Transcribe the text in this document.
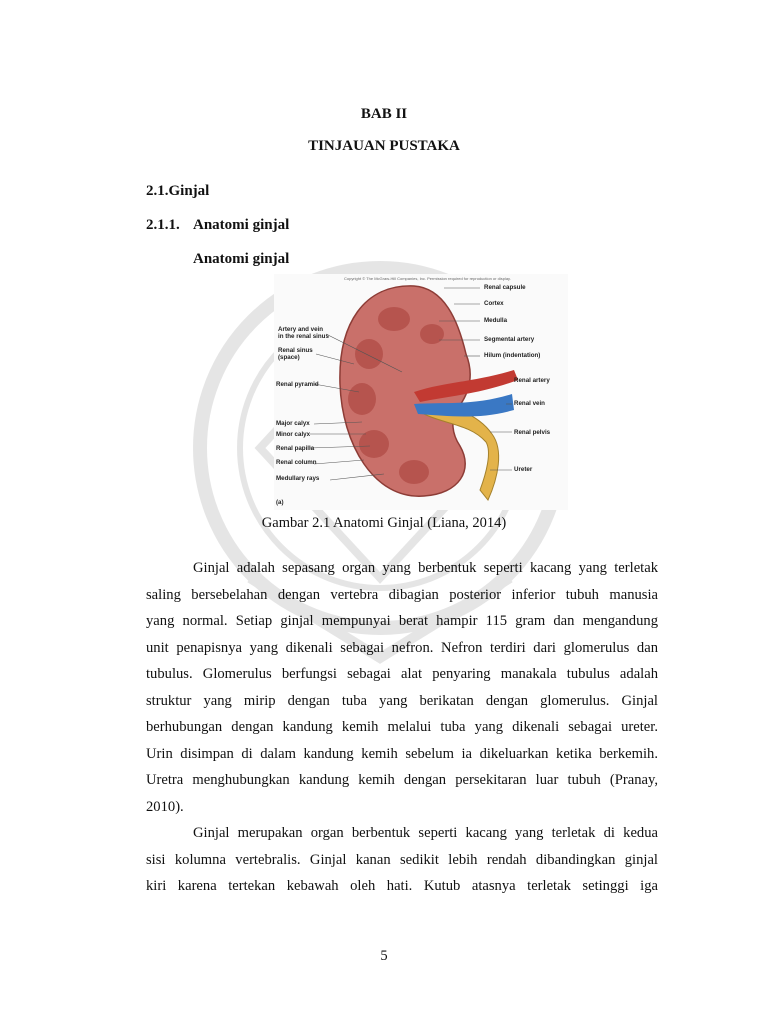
BAB II
TINJAUAN PUSTAKA
2.1.Ginjal
2.1.1. Anatomi ginjal
Anatomi ginjal
Copyright © The McGraw-Hill Companies, Inc. Permission required for reproduction or display.
Renal capsule
Cortex
Medulla
Segmental artery
Hilum (indentation)
Renal artery
Renal vein
Renal pelvis
Ureter
Artery and vein
in the renal sinus
Renal sinus
(space)
Renal pyramid
Major calyx
Minor calyx
Renal papilla
Renal column
Medullary rays
(a)
Gambar 2.1 Anatomi Ginjal (Liana, 2014)
Ginjal adalah sepasang organ yang berbentuk seperti kacang yang terletak
saling bersebelahan dengan vertebra dibagian posterior inferior tubuh manusia
yang normal. Setiap ginjal mempunyai berat hampir 115 gram dan mengandung
unit penapisnya yang dikenali sebagai nefron. Nefron terdiri dari glomerulus dan
tubulus. Glomerulus berfungsi sebagai alat penyaring manakala tubulus adalah
struktur yang mirip dengan tuba yang berikatan dengan glomerulus. Ginjal
berhubungan dengan kandung kemih melalui tuba yang dikenali sebagai ureter.
Urin disimpan di dalam kandung kemih sebelum ia dikeluarkan ketika berkemih.
Uretra menghubungkan kandung kemih dengan persekitaran luar tubuh (Pranay,
2010).
Ginjal merupakan organ berbentuk seperti kacang yang terletak di kedua
sisi kolumna vertebralis. Ginjal kanan sedikit lebih rendah dibandingkan ginjal
kiri karena tertekan kebawah oleh hati. Kutub atasnya terletak setinggi iga
5
